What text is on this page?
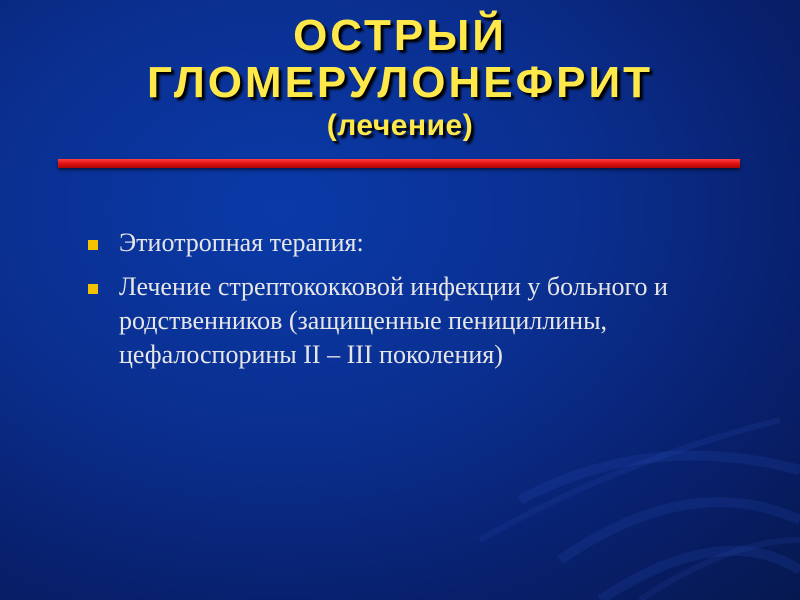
ОСТРЫЙ
ГЛОМЕРУЛОНЕФРИТ
(лечение)
Этиотропная терапия:
Лечение стрептококковой инфекции у больного и родственников (защищенные пенициллины, цефалоспорины II – III поколения)
